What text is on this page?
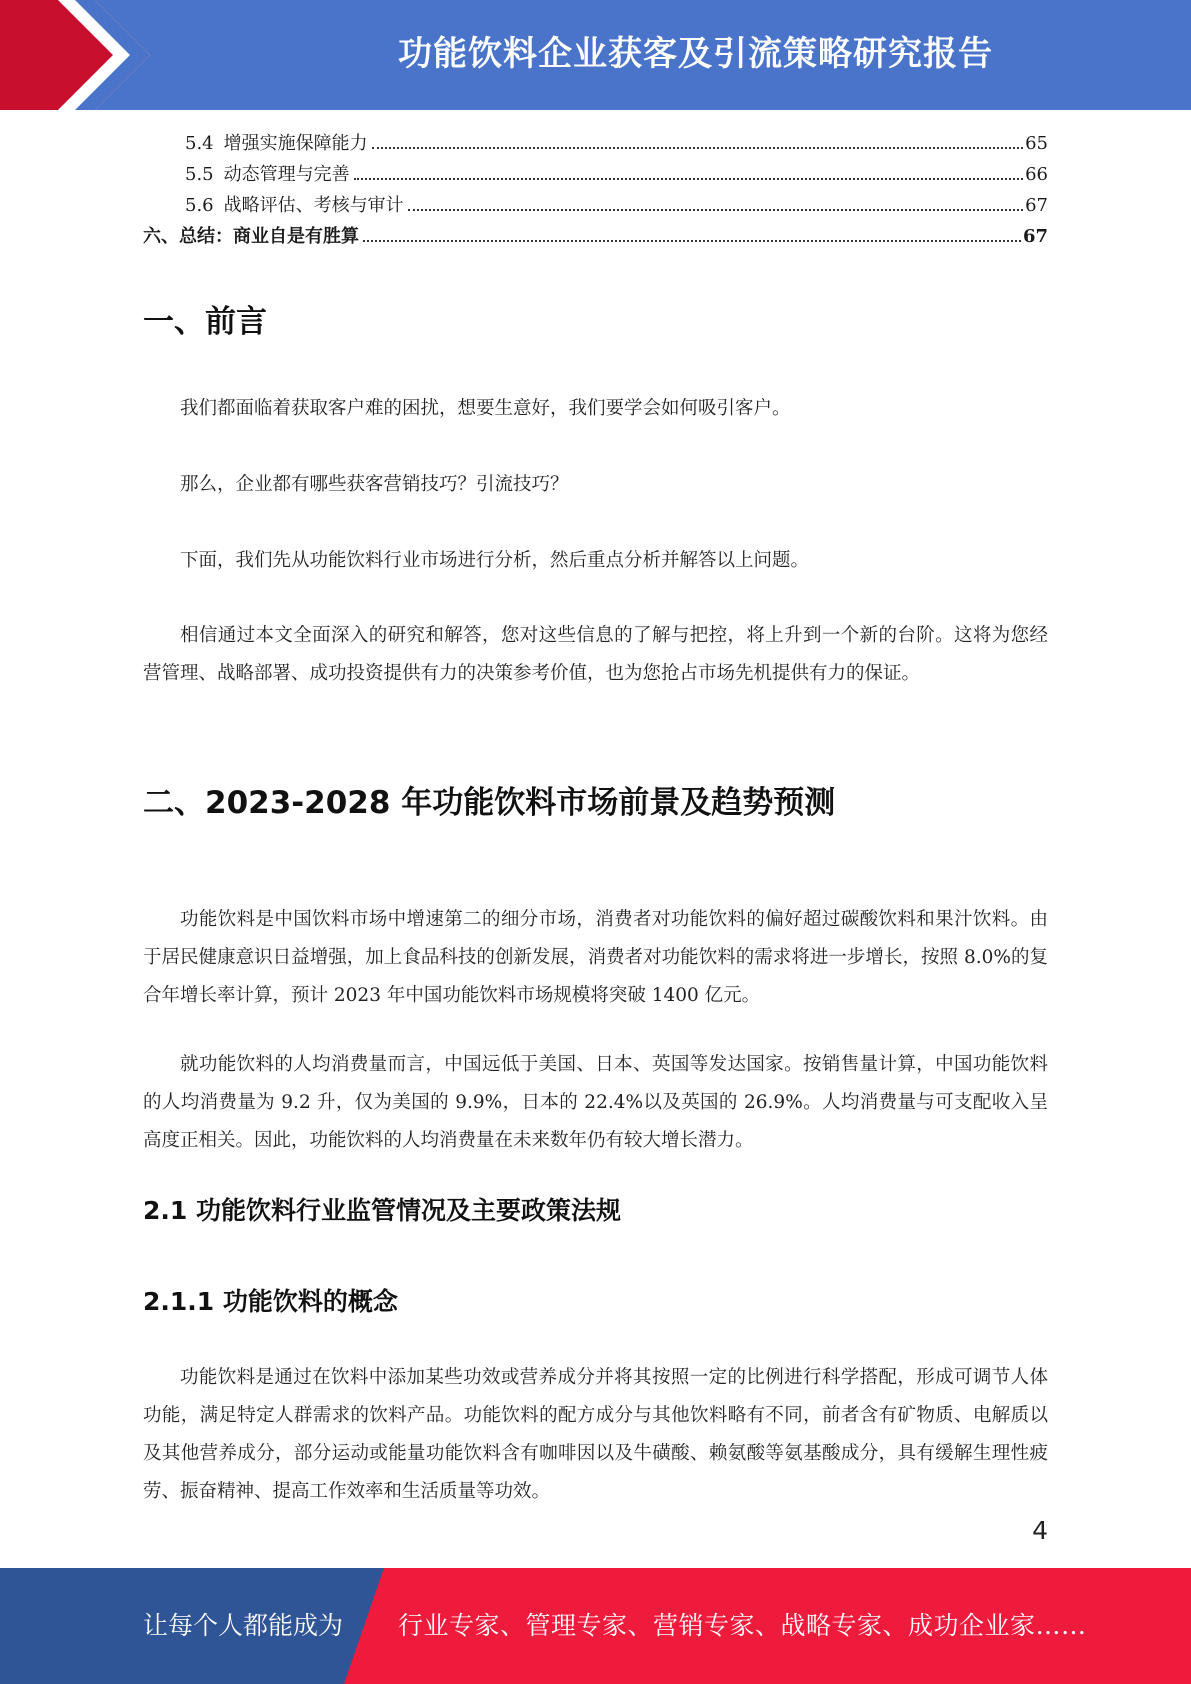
功能饮料企业获客及引流策略研究报告
5.4 增强实施保障能力	65
5.5 动态管理与完善	66
5.6 战略评估、考核与审计	67
六、总结：商业自是有胜算	67
一、前言

我们都面临着获取客户难的困扰，想要生意好，我们要学会如何吸引客户。

那么，企业都有哪些获客营销技巧？引流技巧？

下面，我们先从功能饮料行业市场进行分析，然后重点分析并解答以上问题。

相信通过本文全面深入的研究和解答，您对这些信息的了解与把控，将上升到一个新的台阶。这将为您经营管理、战略部署、成功投资提供有力的决策参考价值，也为您抢占市场先机提供有力的保证。

二、2023-2028 年功能饮料市场前景及趋势预测

功能饮料是中国饮料市场中增速第二的细分市场，消费者对功能饮料的偏好超过碳酸饮料和果汁饮料。由于居民健康意识日益增强，加上食品科技的创新发展，消费者对功能饮料的需求将进一步增长，按照 8.0%的复合年增长率计算，预计 2023 年中国功能饮料市场规模将突破 1400 亿元。

就功能饮料的人均消费量而言，中国远低于美国、日本、英国等发达国家。按销售量计算，中国功能饮料的人均消费量为 9.2 升，仅为美国的 9.9%，日本的 22.4%以及英国的 26.9%。人均消费量与可支配收入呈高度正相关。因此，功能饮料的人均消费量在未来数年仍有较大增长潜力。

2.1 功能饮料行业监管情况及主要政策法规
2.1.1 功能饮料的概念

功能饮料是通过在饮料中添加某些功效或营养成分并将其按照一定的比例进行科学搭配，形成可调节人体功能，满足特定人群需求的饮料产品。功能饮料的配方成分与其他饮料略有不同，前者含有矿物质、电解质以及其他营养成分，部分运动或能量功能饮料含有咖啡因以及牛磺酸、赖氨酸等氨基酸成分，具有缓解生理性疲劳、振奋精神、提高工作效率和生活质量等功效。

4
让每个人都能成为 行业专家、管理专家、营销专家、战略专家、成功企业家……
